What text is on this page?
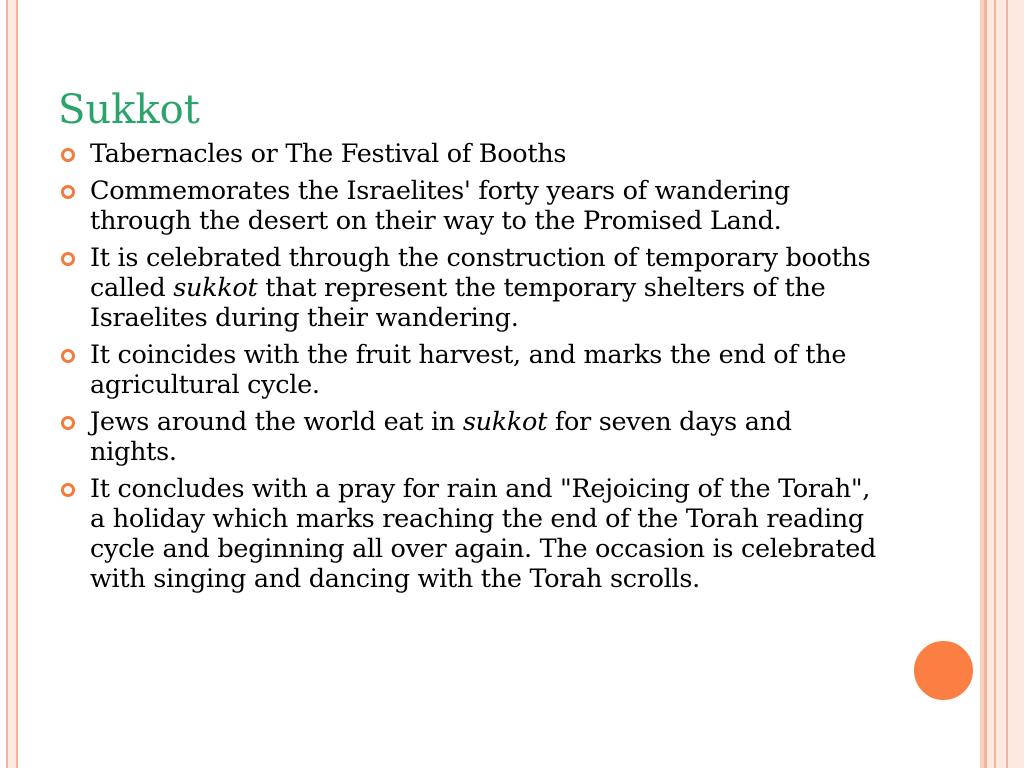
Sukkot
Tabernacles or The Festival of Booths
Commemorates the Israelites' forty years of wandering through the desert on their way to the Promised Land.
It is celebrated through the construction of temporary booths called sukkot that represent the temporary shelters of the Israelites during their wandering.
It coincides with the fruit harvest, and marks the end of the agricultural cycle.
Jews around the world eat in sukkot for seven days and nights.
It concludes with a pray for rain and "Rejoicing of the Torah", a holiday which marks reaching the end of the Torah reading cycle and beginning all over again. The occasion is celebrated with singing and dancing with the Torah scrolls.
